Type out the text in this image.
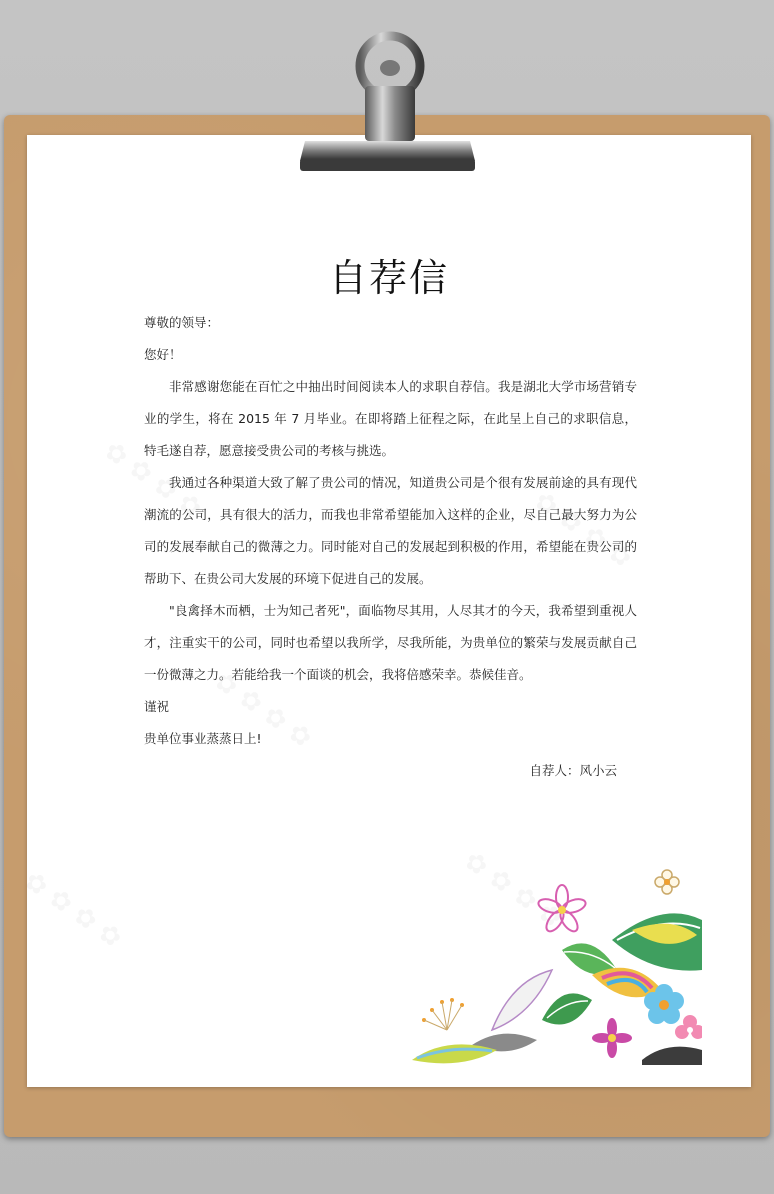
自荐信

尊敬的领导：

您好！

非常感谢您能在百忙之中抽出时间阅读本人的求职自荐信。我是湖北大学市场营销专业的学生，将在 2015 年 7 月毕业。在即将踏上征程之际，在此呈上自己的求职信息，特毛遂自荐，愿意接受贵公司的考核与挑选。

我通过各种渠道大致了解了贵公司的情况，知道贵公司是个很有发展前途的具有现代潮流的公司，具有很大的活力，而我也非常希望能加入这样的企业，尽自己最大努力为公司的发展奉献自己的微薄之力。同时能对自己的发展起到积极的作用，希望能在贵公司的帮助下、在贵公司大发展的环境下促进自己的发展。

"良禽择木而栖，士为知己者死"，面临物尽其用，人尽其才的今天，我希望到重视人才，注重实干的公司，同时也希望以我所学，尽我所能，为贵单位的繁荣与发展贡献自己一份微薄之力。若能给我一个面谈的机会，我将倍感荣幸。恭候佳音。

谨祝

贵单位事业蒸蒸日上!

自荐人：风小云
